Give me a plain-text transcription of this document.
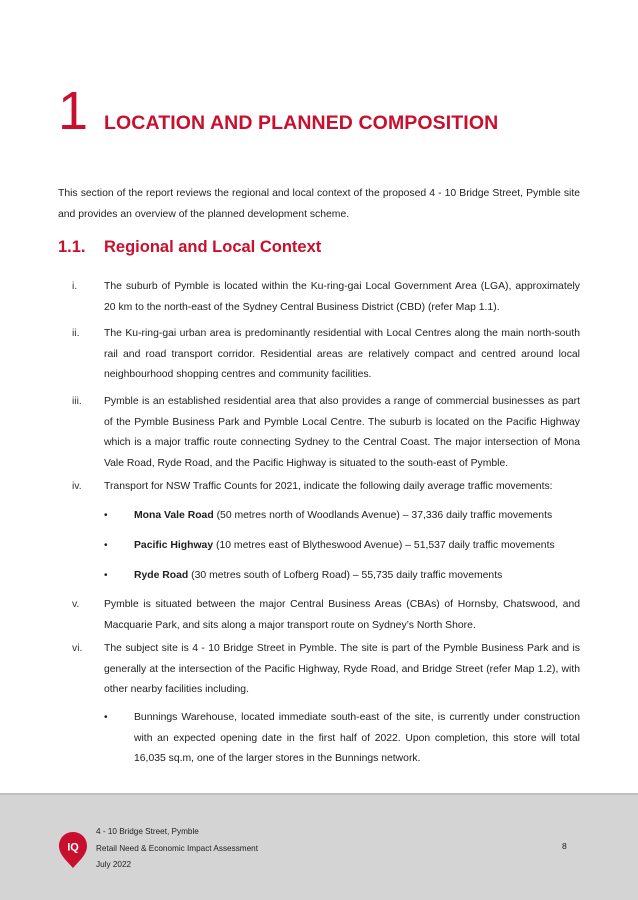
1 LOCATION AND PLANNED COMPOSITION

This section of the report reviews the regional and local context of the proposed 4 - 10 Bridge Street, Pymble site and provides an overview of the planned development scheme.

1.1. Regional and Local Context
i.	The suburb of Pymble is located within the Ku-ring-gai Local Government Area (LGA), approximately 20 km to the north-east of the Sydney Central Business District (CBD) (refer Map 1.1).
ii. The Ku-ring-gai urban area is predominantly residential with Local Centres along the main north-south rail and road transport corridor. Residential areas are relatively compact and centred around local neighbourhood shopping centres and community facilities.
iii. Pymble is an established residential area that also provides a range of commercial businesses as part of the Pymble Business Park and Pymble Local Centre. The suburb is located on the Pacific Highway which is a major traffic route connecting Sydney to the Central Coast. The major intersection of Mona Vale Road, Ryde Road, and the Pacific Highway is situated to the south-east of Pymble.
iv. Transport for NSW Traffic Counts for 2021, indicate the following daily average traffic movements:
•	Mona Vale Road (50 metres north of Woodlands Avenue) – 37,336 daily traffic movements
•	Pacific Highway (10 metres east of Blytheswood Avenue) – 51,537 daily traffic movements
•	Ryde Road (30 metres south of Lofberg Road) – 55,735 daily traffic movements
v. Pymble is situated between the major Central Business Areas (CBAs) of Hornsby, Chatswood, and Macquarie Park, and sits along a major transport route on Sydney’s North Shore.
vi. The subject site is 4 - 10 Bridge Street in Pymble. The site is part of the Pymble Business Park and is generally at the intersection of the Pacific Highway, Ryde Road, and Bridge Street (refer Map 1.2), with other nearby facilities including.
•	Bunnings Warehouse, located immediate south-east of the site, is currently under construction with an expected opening date in the first half of 2022. Upon completion, this store will total 16,035 sq.m, one of the larger stores in the Bunnings network.
IQ
4 - 10 Bridge Street, Pymble
Retail Need & Economic Impact Assessment
July 2022
8
